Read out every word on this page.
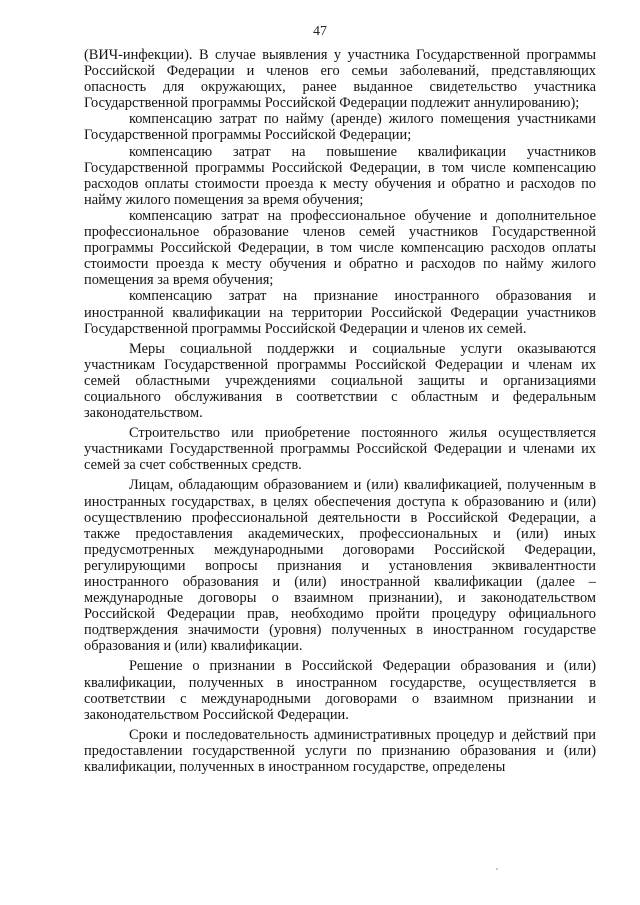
47

(ВИЧ-инфекции). В случае выявления у участника Государственной программы Российской Федерации и членов его семьи заболеваний, представляющих опасность для окружающих, ранее выданное свидетельство участника Государственной программы Российской Федерации подлежит аннулированию);

компенсацию затрат по найму (аренде) жилого помещения участниками Государственной программы Российской Федерации;

компенсацию затрат на повышение квалификации участников Государственной программы Российской Федерации, в том числе компенсацию расходов оплаты стоимости проезда к месту обучения и обратно и расходов по найму жилого помещения за время обучения;

компенсацию затрат на профессиональное обучение и дополнительное профессиональное образование членов семей участников Государственной программы Российской Федерации, в том числе компенсацию расходов оплаты стоимости проезда к месту обучения и обратно и расходов по найму жилого помещения за время обучения;

компенсацию затрат на признание иностранного образования и иностранной квалификации на территории Российской Федерации участников Государственной программы Российской Федерации и членов их семей.

Меры социальной поддержки и социальные услуги оказываются участникам Государственной программы Российской Федерации и членам их семей областными учреждениями социальной защиты и организациями социального обслуживания в соответствии с областным и федеральным законодательством.

Строительство или приобретение постоянного жилья осуществляется участниками Государственной программы Российской Федерации и членами их семей за счет собственных средств.

Лицам, обладающим образованием и (или) квалификацией, полученным в иностранных государствах, в целях обеспечения доступа к образованию и (или) осуществлению профессиональной деятельности в Российской Федерации, а также предоставления академических, профессиональных и (или) иных предусмотренных международными договорами Российской Федерации, регулирующими вопросы признания и установления эквивалентности иностранного образования и (или) иностранной квалификации (далее – международные договоры о взаимном признании), и законодательством Российской Федерации прав, необходимо пройти процедуру официального подтверждения значимости (уровня) полученных в иностранном государстве образования и (или) квалификации.

Решение о признании в Российской Федерации образования и (или) квалификации, полученных в иностранном государстве, осуществляется в соответствии с международными договорами о взаимном признании и законодательством Российской Федерации.

Сроки и последовательность административных процедур и действий при предоставлении государственной услуги по признанию образования и (или) квалификации, полученных в иностранном государстве, определены
